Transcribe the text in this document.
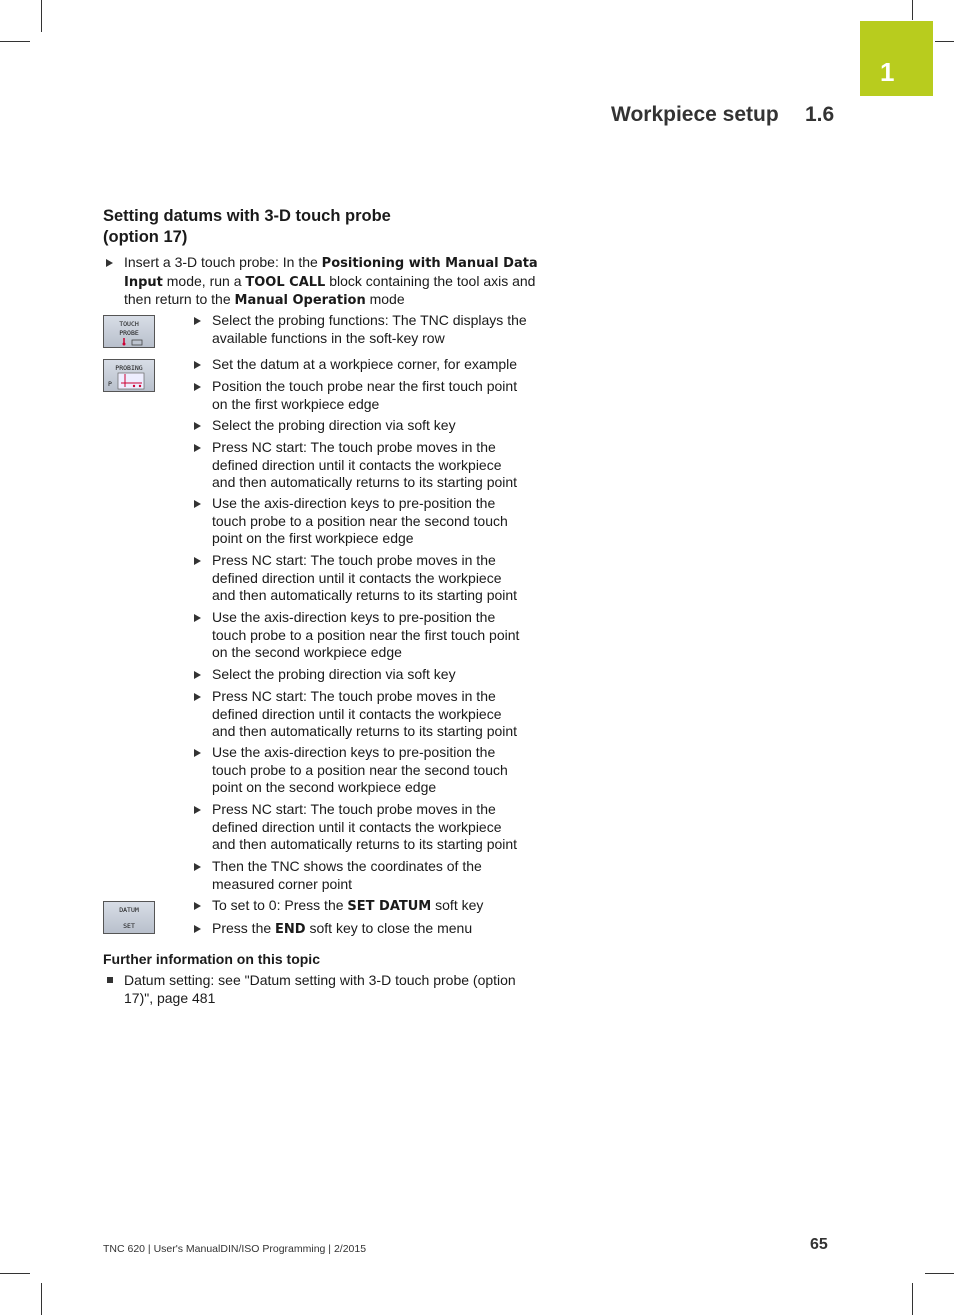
1
Workpiece setup 1.6
Setting datums with 3-D touch probe
(option 17)
Insert a 3-D touch probe: In the Positioning with Manual Data
Input mode, run a TOOL CALL block containing the tool axis and
then return to the Manual Operation mode
TOUCH
PROBE
PROBING
P
DATUM
SET
Select the probing functions: The TNC displays the
available functions in the soft-key row
Set the datum at a workpiece corner, for example
Position the touch probe near the first touch point
on the first workpiece edge
Select the probing direction via soft key
Press NC start: The touch probe moves in the
defined direction until it contacts the workpiece
and then automatically returns to its starting point
Use the axis-direction keys to pre-position the
touch probe to a position near the second touch
point on the first workpiece edge
Press NC start: The touch probe moves in the
defined direction until it contacts the workpiece
and then automatically returns to its starting point
Use the axis-direction keys to pre-position the
touch probe to a position near the first touch point
on the second workpiece edge
Select the probing direction via soft key
Press NC start: The touch probe moves in the
defined direction until it contacts the workpiece
and then automatically returns to its starting point
Use the axis-direction keys to pre-position the
touch probe to a position near the second touch
point on the second workpiece edge
Press NC start: The touch probe moves in the
defined direction until it contacts the workpiece
and then automatically returns to its starting point
Then the TNC shows the coordinates of the
measured corner point
To set to 0: Press the SET DATUM soft key
Press the END soft key to close the menu
Further information on this topic
Datum setting: see "Datum setting with 3-D touch probe (option
17)", page 481
TNC 620 | User's ManualDIN/ISO Programming | 2/2015	65
